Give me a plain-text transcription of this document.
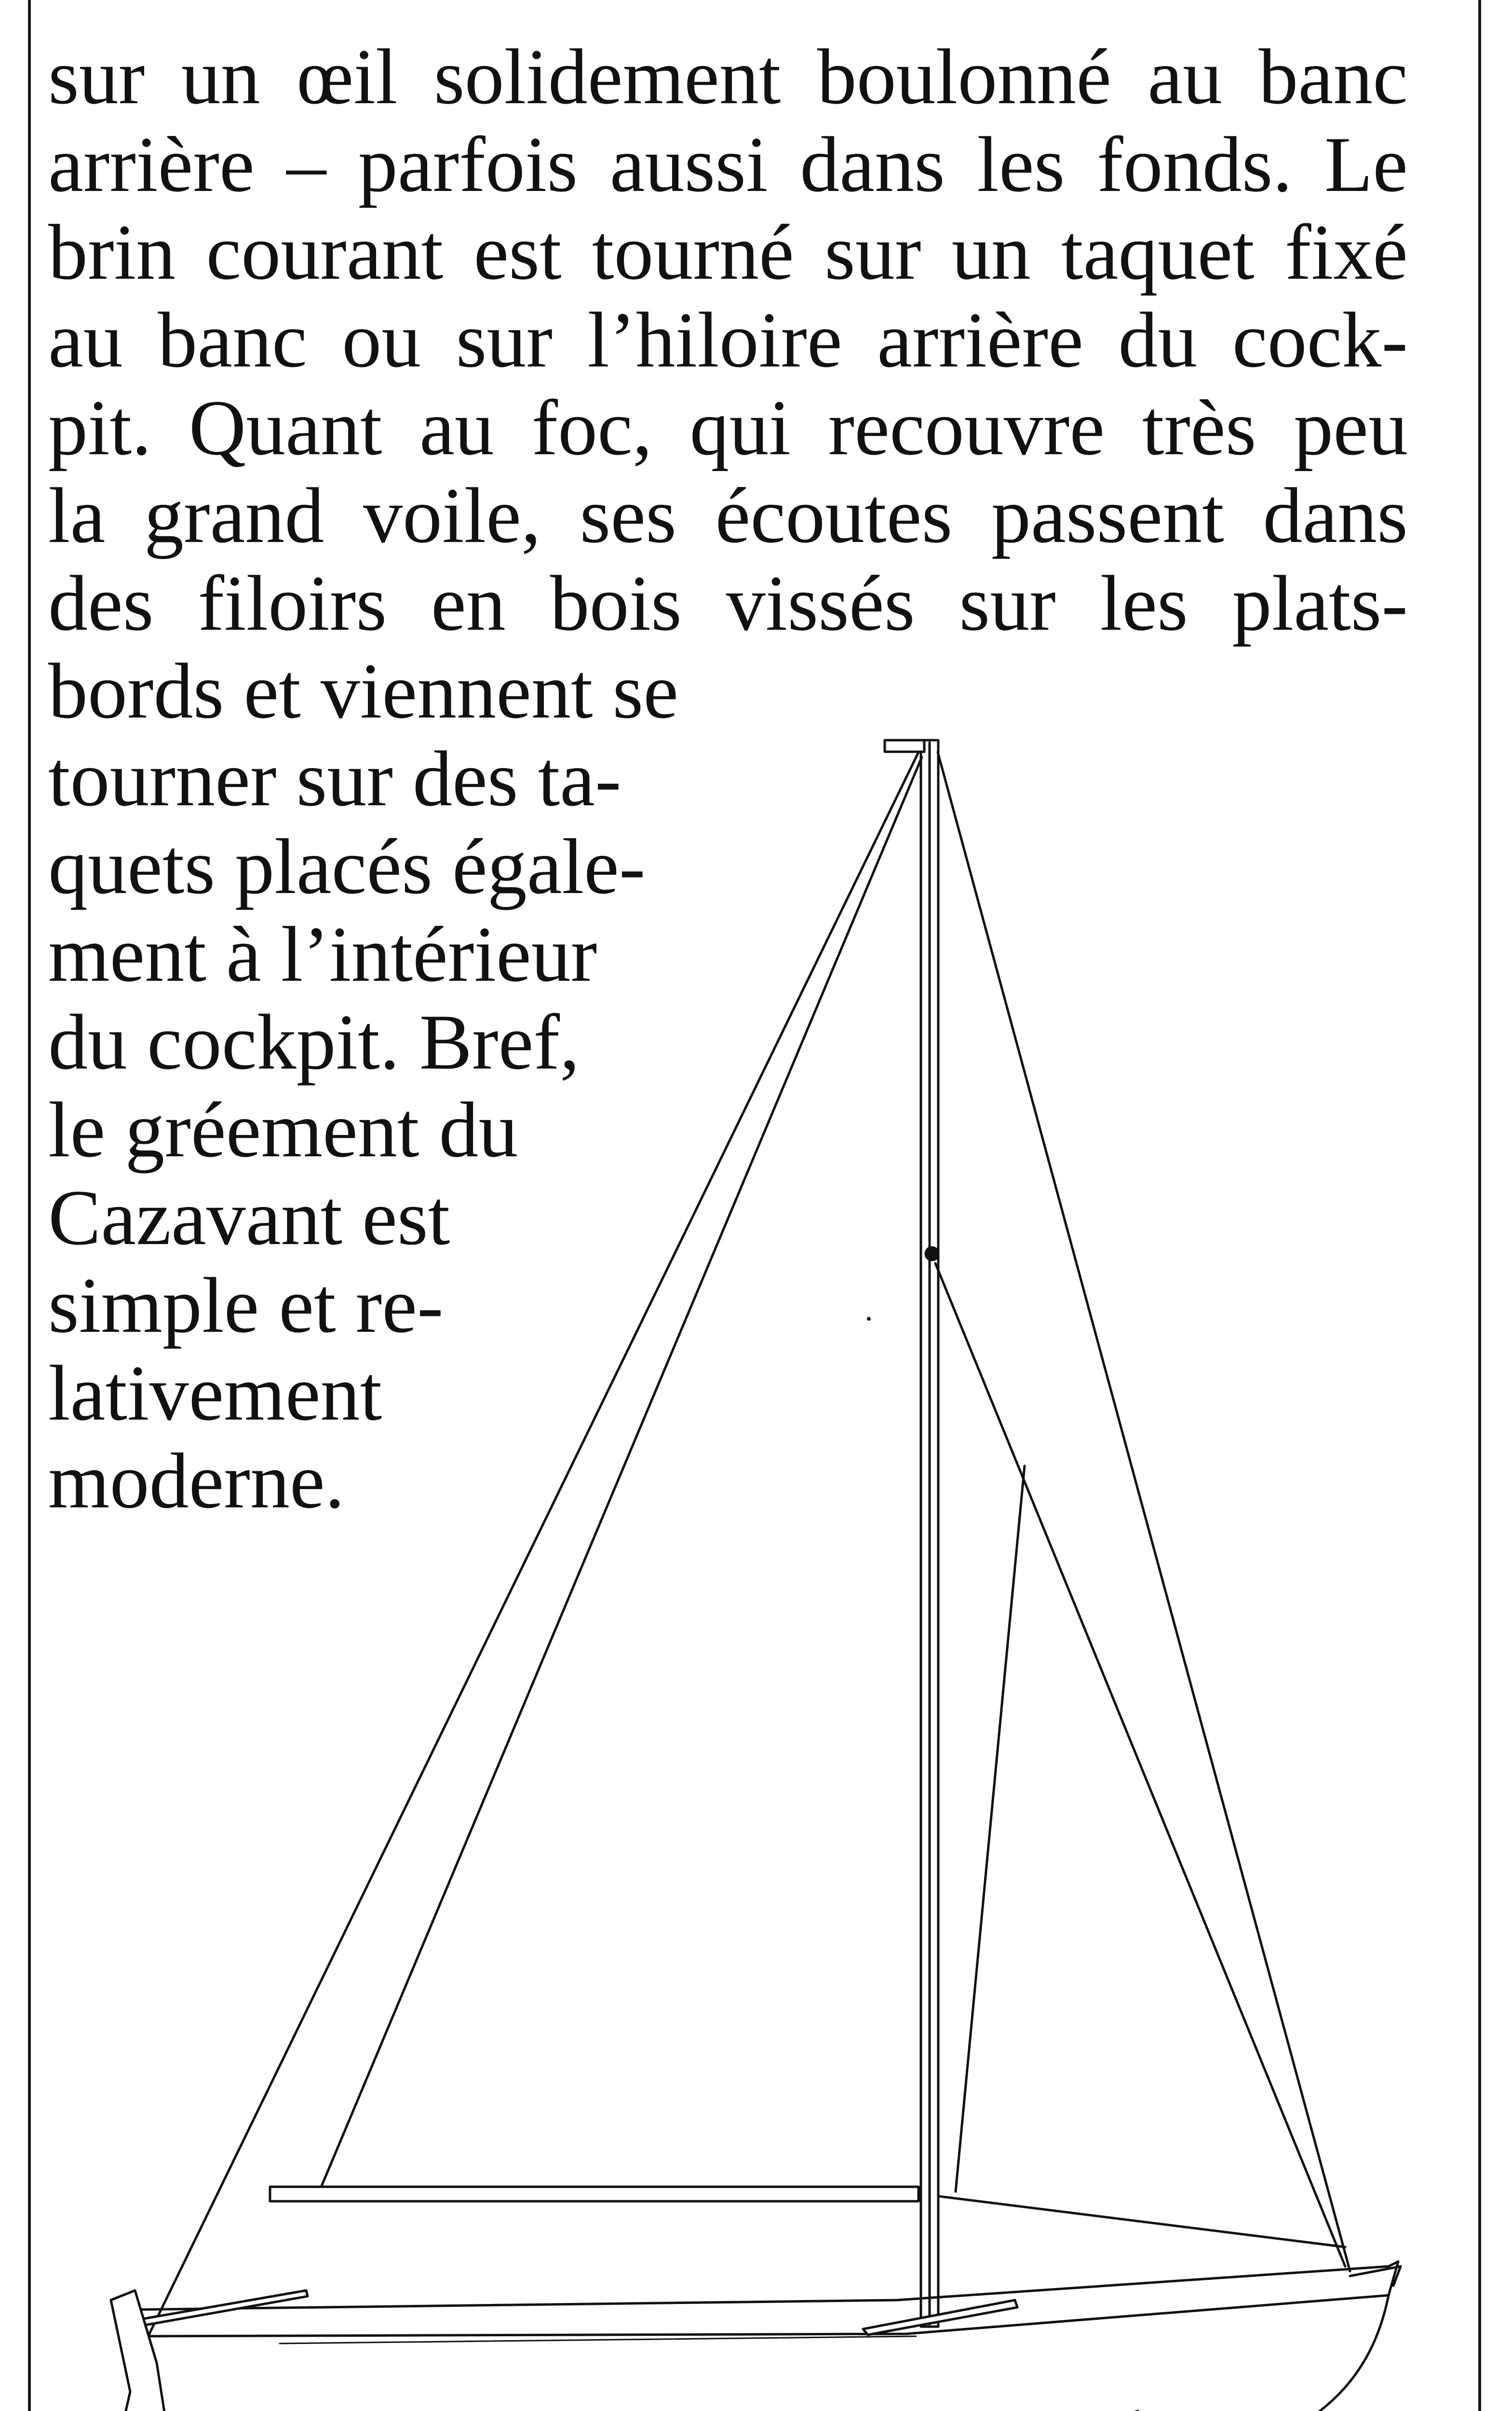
sur un œil solidement boulonné au banc
arrière – parfois aussi dans les fonds. Le
brin courant est tourné sur un taquet fixé
au banc ou sur l’hiloire arrière du cock-
pit. Quant au foc, qui recouvre très peu
la grand voile, ses écoutes passent dans
des filoirs en bois vissés sur les plats-
bords et viennent se
tourner sur des ta-
quets placés égale-
ment à l’intérieur
du cockpit. Bref,
le gréement du
Cazavant est
simple et re-
lativement
moderne.
